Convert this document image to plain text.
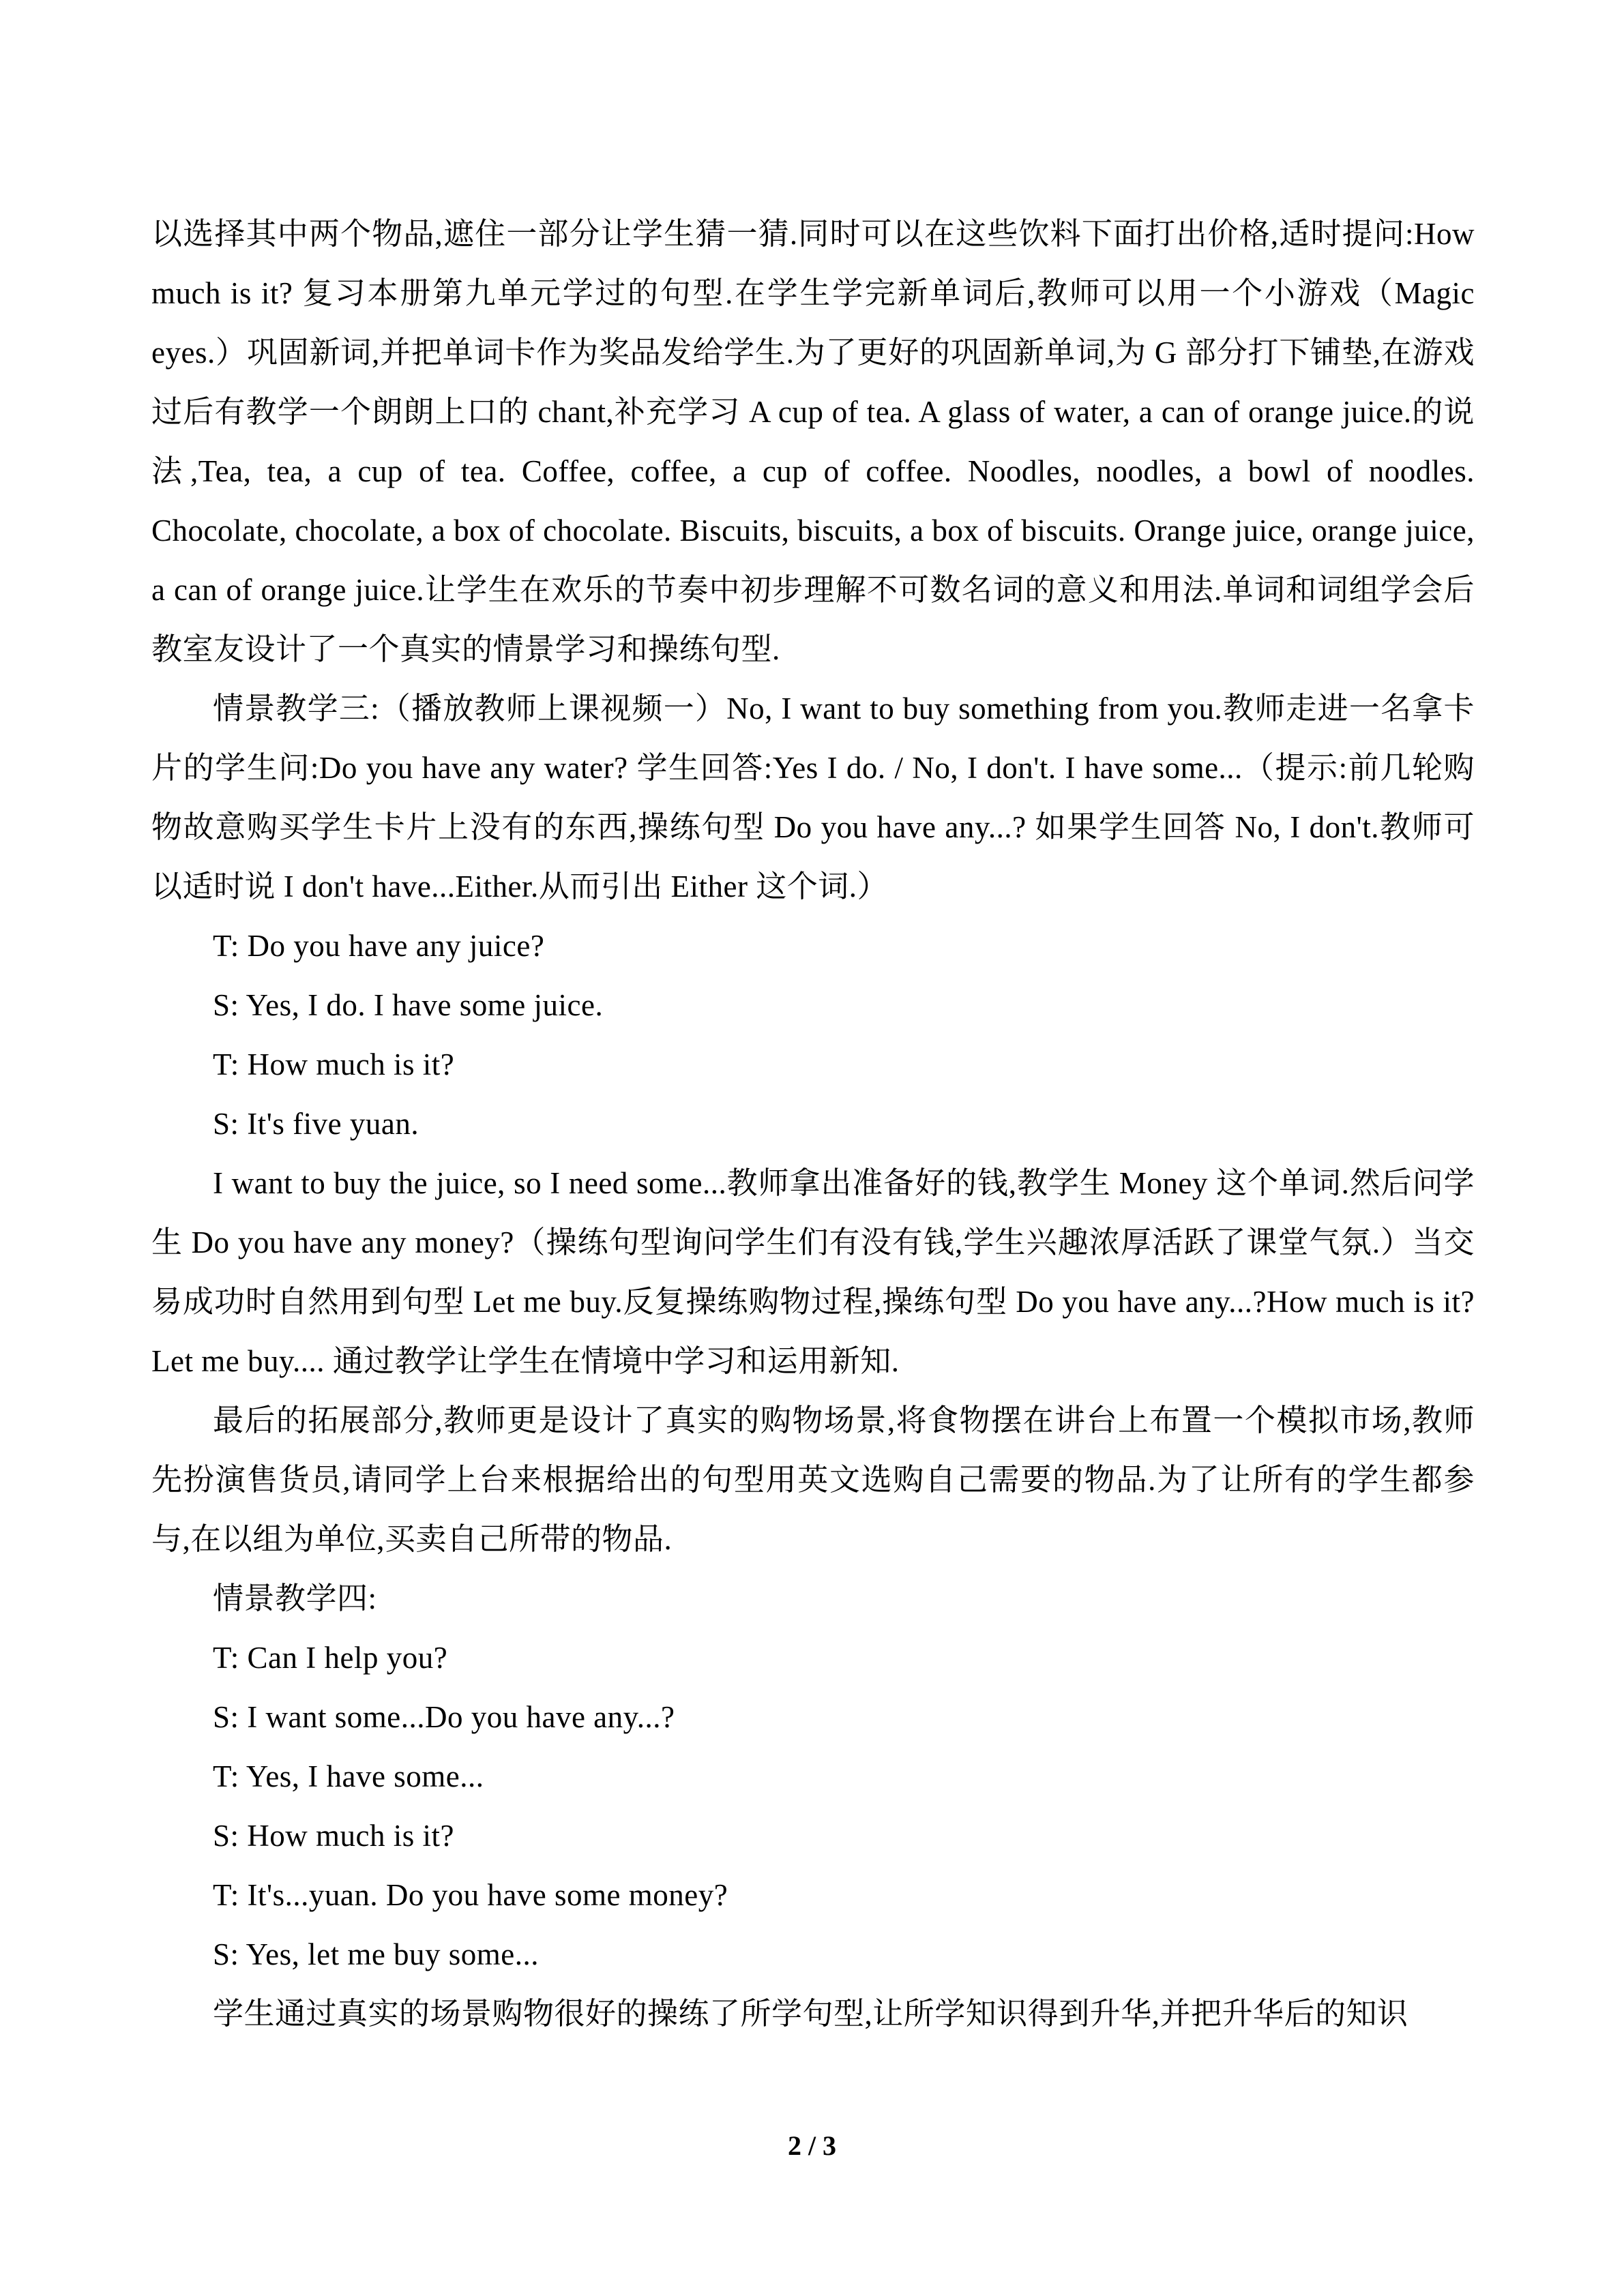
以选择其中两个物品,遮住一部分让学生猜一猜.同时可以在这些饮料下面打出价格,适时提问:How much is it? 复习本册第九单元学过的句型.在学生学完新单词后,教师可以用一个小游戏（Magic eyes.）巩固新词,并把单词卡作为奖品发给学生.为了更好的巩固新单词,为 G 部分打下铺垫,在游戏过后有教学一个朗朗上口的 chant,补充学习 A cup of tea. A glass of water, a can of orange juice.的说法,Tea, tea, a cup of tea. Coffee, coffee, a cup of coffee. Noodles, noodles, a bowl of noodles. Chocolate, chocolate, a box of chocolate. Biscuits, biscuits, a box of biscuits. Orange juice, orange juice, a can of orange juice.让学生在欢乐的节奏中初步理解不可数名词的意义和用法.单词和词组学会后教室友设计了一个真实的情景学习和操练句型.

情景教学三:（播放教师上课视频一）No, I want to buy something from you.教师走进一名拿卡片的学生问:Do you have any water? 学生回答:Yes I do. / No, I don't. I have some...（提示:前几轮购物故意购买学生卡片上没有的东西,操练句型 Do you have any...? 如果学生回答 No, I don't.教师可以适时说 I don't have...Either.从而引出 Either 这个词.）

T: Do you have any juice?

S: Yes, I do. I have some juice.

T: How much is it?

S: It's five yuan.

I want to buy the juice, so I need some...教师拿出准备好的钱,教学生 Money 这个单词.然后问学生 Do you have any money?（操练句型询问学生们有没有钱,学生兴趣浓厚活跃了课堂气氛.）当交易成功时自然用到句型 Let me buy.反复操练购物过程,操练句型 Do you have any...?How much is it? Let me buy.... 通过教学让学生在情境中学习和运用新知.

最后的拓展部分,教师更是设计了真实的购物场景,将食物摆在讲台上布置一个模拟市场,教师先扮演售货员,请同学上台来根据给出的句型用英文选购自己需要的物品.为了让所有的学生都参与,在以组为单位,买卖自己所带的物品.

情景教学四:

T: Can I help you?

S: I want some...Do you have any...?

T: Yes, I have some...

S: How much is it?

T: It's...yuan. Do you have some money?

S: Yes, let me buy some...

学生通过真实的场景购物很好的操练了所学句型,让所学知识得到升华,并把升华后的知识

2 / 3
